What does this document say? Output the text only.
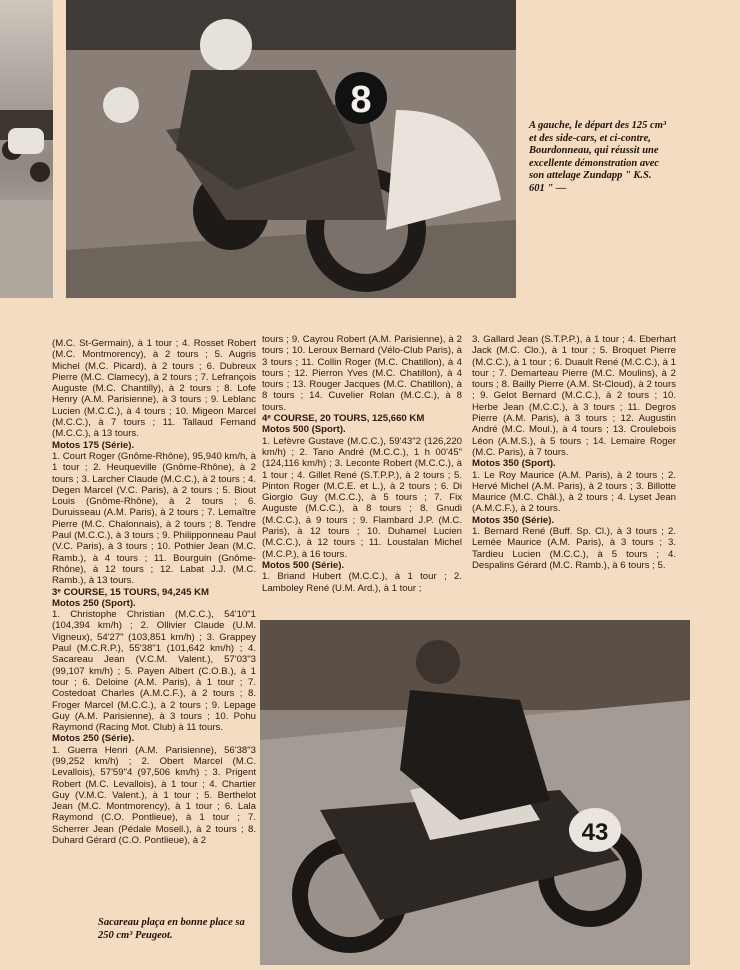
8
43
A gauche, le départ des 125 cm³ et des side-cars, et ci-contre, Bourdonneau, qui réussit une excellente démonstration avec son attelage Zundapp " K.S. 601 " —
Sacareau plaça en bonne place sa 250 cm³ Peugeot.

(M.C. St-Germain), à 1 tour ; 4. Rosset Robert (M.C. Montmorency), à 2 tours ; 5. Augris Michel (M.C. Picard), à 2 tours ; 6. Dubreux Pierre (M.C. Clamecy), à 2 tours ; 7. Lefrançois Auguste (M.C. Chantilly), à 2 tours ; 8. Lofe Henry (A.M. Parisienne), à 3 tours ; 9. Leblanc Lucien (M.C.C.), à 4 tours ; 10. Migeon Marcel (M.C.C.), à 7 tours ; 11. Tallaud Fernand (M.C.C.), à 13 tours.

Motos 175 (Série).

1. Court Roger (Gnôme-Rhône), 95,940 km/h, à 1 tour ; 2. Heuqueville (Gnôme-Rhône), à 2 tours ; 3. Larcher Claude (M.C.C.), à 2 tours ; 4. Degen Marcel (V.C. Paris), à 2 tours ; 5. Biout Louis (Gnôme-Rhône), à 2 tours ; 6. Duruisseau (A.M. Paris), à 2 tours ; 7. Lemaître Pierre (M.C. Chalonnais), à 2 tours ; 8. Tendre Paul (M.C.C.), à 3 tours ; 9. Philipponneau Paul (V.C. Paris), à 3 tours ; 10. Pothier Jean (M.C. Ramb.), à 4 tours ; 11. Bourguin (Gnôme-Rhône), à 12 tours ; 12. Labat J.J. (M.C. Ramb.), à 13 tours.

3ᵉ COURSE, 15 TOURS, 94,245 KM

Motos 250 (Sport).

1. Christophe Christian (M.C.C.), 54'10"1 (104,394 km/h) ; 2. Ollivier Claude (U.M. Vigneux), 54'27" (103,851 km/h) ; 3. Grappey Paul (M.C.R.P.), 55'38"1 (101,642 km/h) ; 4. Sacareau Jean (V.C.M. Valent.), 57'03"3 (99,107 km/h) ; 5. Payen Albert (C.O.B.), à 1 tour ; 6. Deloine (A.M. Paris), à 1 tour ; 7. Costedoat Charles (A.M.C.F.), à 2 tours ; 8. Froger Marcel (M.C.C.), à 2 tours ; 9. Lepage Guy (A.M. Parisienne), à 3 tours ; 10. Pohu Raymond (Racing Mot. Club) à 11 tours.

Motos 250 (Série).

1. Guerra Henri (A.M. Parisienne), 56'38"3 (99,252 km/h) ; 2. Obert Marcel (M.C. Levallois), 57'59"4 (97,506 km/h) ; 3. Prigent Robert (M.C. Levallois), à 1 tour ; 4. Chartier Guy (V.M.C. Valent.), à 1 tour ; 5. Berthelot Jean (M.C. Montmorency), à 1 tour ; 6. Lala Raymond (C.O. Pontlieue), à 1 tour ; 7. Scherrer Jean (Pédale Mosell.), à 2 tours ; 8. Duhard Gérard (C.O. Pontlieue), à 2

tours ; 9. Cayrou Robert (A.M. Parisienne), à 2 tours ; 10. Leroux Bernard (Vélo-Club Paris), à 3 tours ; 11. Collin Roger (M.C. Chatillon), à 4 tours ; 12. Pierron Yves (M.C. Chatillon), à 4 tours ; 13. Rouger Jacques (M.C. Chatillon), à 8 tours ; 14. Cuvelier Rolan (M.C.C.), à 8 tours.

4ᵉ COURSE, 20 TOURS, 125,660 KM

Motos 500 (Sport).

1. Lefèvre Gustave (M.C.C.), 59'43"2 (126,220 km/h) ; 2. Tano André (M.C.C.), 1 h 00'45" (124,116 km/h) ; 3. Leconte Robert (M.C.C.), à 1 tour ; 4. Gillet René (S.T.P.P.), à 2 tours ; 5. Pinton Roger (M.C.E. et L.), à 2 tours ; 6. Di Giorgio Guy (M.C.C.), à 5 tours ; 7. Fix Auguste (M.C.C.), à 8 tours ; 8. Gnudi (M.C.C.), à 9 tours ; 9. Flambard J.P. (M.C. Paris), à 12 tours ; 10. Duhamel Lucien (M.C.C.), à 12 tours ; 11. Loustalan Michel (M.C.P.), à 16 tours.

Motos 500 (Série).

1. Briand Hubert (M.C.C.), à 1 tour ; 2. Lamboley René (U.M. Ard.), à 1 tour ;

3. Gallard Jean (S.T.P.P.), à 1 tour ; 4. Eberhart Jack (M.C. Clo.), à 1 tour ; 5. Broquet Pierre (M.C.C.), à 1 tour ; 6. Duault René (M.C.C.), à 1 tour ; 7. Demarteau Pierre (M.C. Moulins), à 2 tours ; 8. Bailly Pierre (A.M. St-Cloud), à 2 tours ; 9. Gelot Bernard (M.C.C.), à 2 tours ; 10. Herbe Jean (M.C.C.), à 3 tours ; 11. Degros Pierre (A.M. Paris), à 3 tours ; 12. Augustin André (M.C. Moul.), à 4 tours ; 13. Croulebois Léon (A.M.S.), à 5 tours ; 14. Lemaire Roger (M.C. Paris), à 7 tours.

Motos 350 (Sport).

1. Le Roy Maurice (A.M. Paris), à 2 tours ; 2. Hervé Michel (A.M. Paris), à 2 tours ; 3. Billotte Maurice (M.C. Châl.), à 2 tours ; 4. Lyset Jean (A.M.C.F.), à 2 tours.

Motos 350 (Série).

1. Bernard René (Buff. Sp. Cl.), à 3 tours ; 2. Lemée Maurice (A.M. Paris), à 3 tours ; 3. Tardieu Lucien (M.C.C.), à 5 tours ; 4. Despalins Gérard (M.C. Ramb.), à 6 tours ; 5.
